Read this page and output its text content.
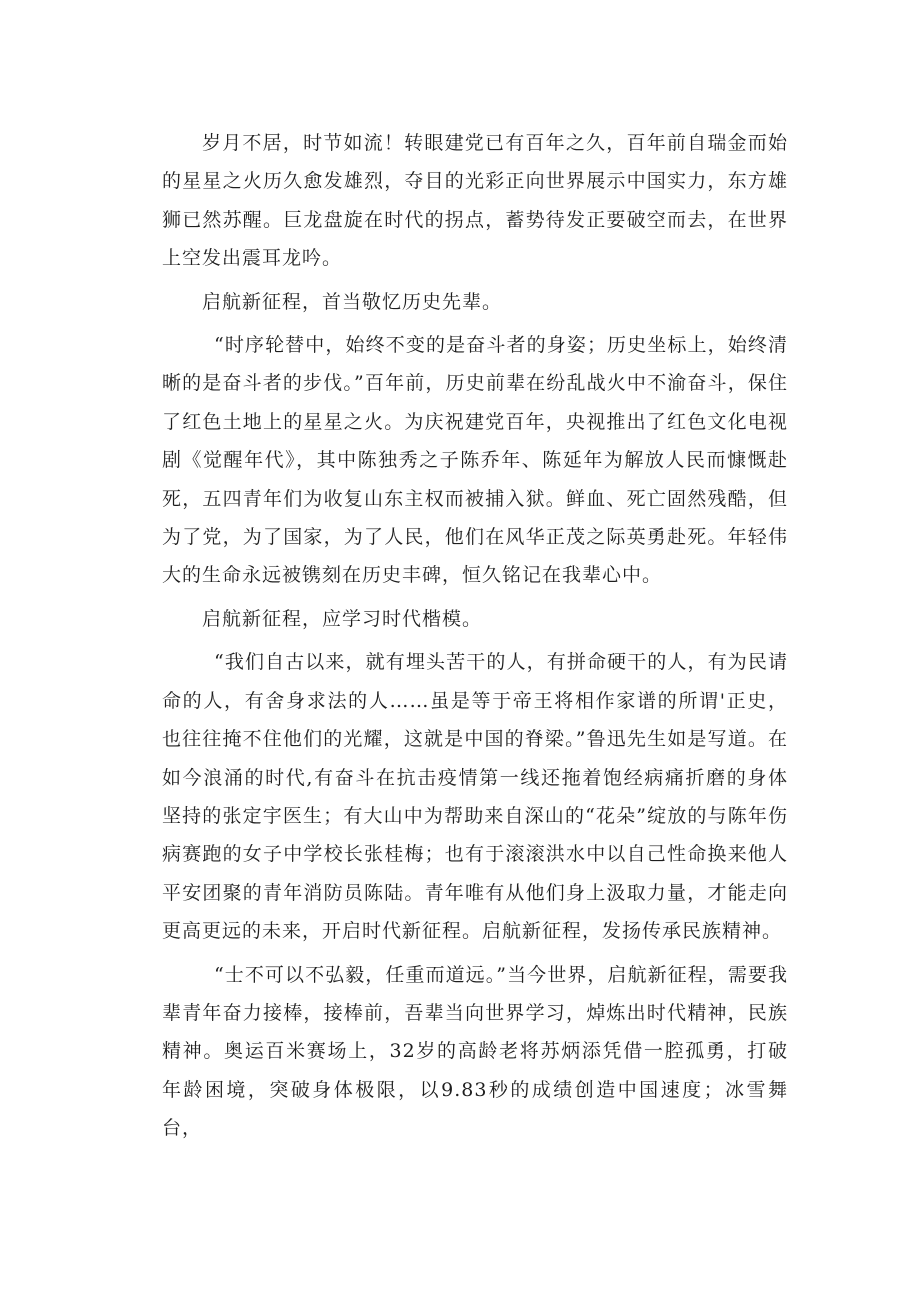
岁月不居，时节如流！转眼建党已有百年之久，百年前自瑞金而始的星星之火历久愈发雄烈，夺目的光彩正向世界展示中国实力，东方雄狮已然苏醒。巨龙盘旋在时代的拐点，蓄势待发正要破空而去，在世界上空发出震耳龙吟。

启航新征程，首当敬忆历史先辈。

“时序轮替中，始终不变的是奋斗者的身姿；历史坐标上，始终清晰的是奋斗者的步伐。”百年前，历史前辈在纷乱战火中不渝奋斗，保住了红色土地上的星星之火。为庆祝建党百年，央视推出了红色文化电视剧《觉醒年代》，其中陈独秀之子陈乔年、陈延年为解放人民而慷慨赴死，五四青年们为收复山东主权而被捕入狱。鲜血、死亡固然残酷，但为了党，为了国家，为了人民，他们在风华正茂之际英勇赴死。年轻伟大的生命永远被镌刻在历史丰碑，恒久铭记在我辈心中。

启航新征程，应学习时代楷模。

“我们自古以来，就有埋头苦干的人，有拼命硬干的人，有为民请命的人，有舍身求法的人……虽是等于帝王将相作家谱的所谓'正史，也往往掩不住他们的光耀，这就是中国的脊梁。”鲁迅先生如是写道。在如今浪涌的时代,有奋斗在抗击疫情第一线还拖着饱经病痛折磨的身体坚持的张定宇医生；有大山中为帮助来自深山的“花朵”绽放的与陈年伤病赛跑的女子中学校长张桂梅；也有于滚滚洪水中以自己性命换来他人平安团聚的青年消防员陈陆。青年唯有从他们身上汲取力量，才能走向更高更远的未来，开启时代新征程。启航新征程，发扬传承民族精神。

“士不可以不弘毅，任重而道远。”当今世界，启航新征程，需要我辈青年奋力接棒，接棒前，吾辈当向世界学习，焯炼出时代精神，民族精神。奥运百米赛场上，32岁的高龄老将苏炳添凭借一腔孤勇，打破年龄困境，突破身体极限，以9.83秒的成绩创造中国速度；冰雪舞台，
